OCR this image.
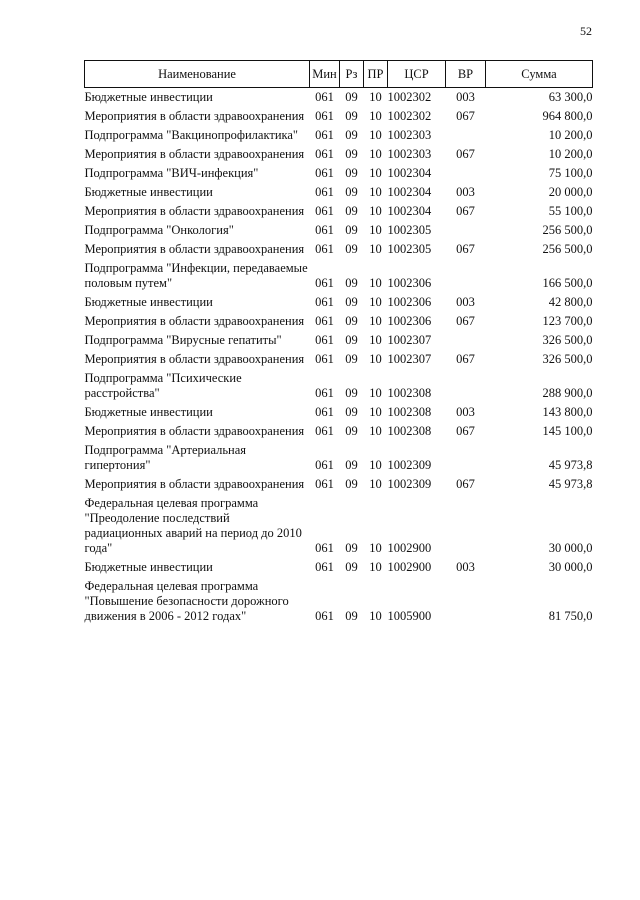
52
Наименование	Мин	Рз	ПР	ЦСР	ВР	Сумма
Бюджетные инвестиции	061	09	10	1002302	003	63 300,0
Мероприятия в области здравоохранения	061	09	10	1002302	067	964 800,0
Подпрограмма "Вакцинопрофилактика"	061	09	10	1002303		10 200,0
Мероприятия в области здравоохранения	061	09	10	1002303	067	10 200,0
Подпрограмма "ВИЧ-инфекция"	061	09	10	1002304		75 100,0
Бюджетные инвестиции	061	09	10	1002304	003	20 000,0
Мероприятия в области здравоохранения	061	09	10	1002304	067	55 100,0
Подпрограмма "Онкология"	061	09	10	1002305		256 500,0
Мероприятия в области здравоохранения	061	09	10	1002305	067	256 500,0
Подпрограмма "Инфекции, передаваемые половым путем"	061	09	10	1002306		166 500,0
Бюджетные инвестиции	061	09	10	1002306	003	42 800,0
Мероприятия в области здравоохранения	061	09	10	1002306	067	123 700,0
Подпрограмма "Вирусные гепатиты"	061	09	10	1002307		326 500,0
Мероприятия в области здравоохранения	061	09	10	1002307	067	326 500,0
Подпрограмма "Психические расстройства"	061	09	10	1002308		288 900,0
Бюджетные инвестиции	061	09	10	1002308	003	143 800,0
Мероприятия в области здравоохранения	061	09	10	1002308	067	145 100,0
Подпрограмма "Артериальная гипертония"	061	09	10	1002309		45 973,8
Мероприятия в области здравоохранения	061	09	10	1002309	067	45 973,8
Федеральная целевая программа "Преодоление последствий радиационных аварий на период до 2010 года"	061	09	10	1002900		30 000,0
Бюджетные инвестиции	061	09	10	1002900	003	30 000,0
Федеральная целевая программа "Повышение безопасности дорожного движения в 2006 - 2012 годах"	061	09	10	1005900		81 750,0
